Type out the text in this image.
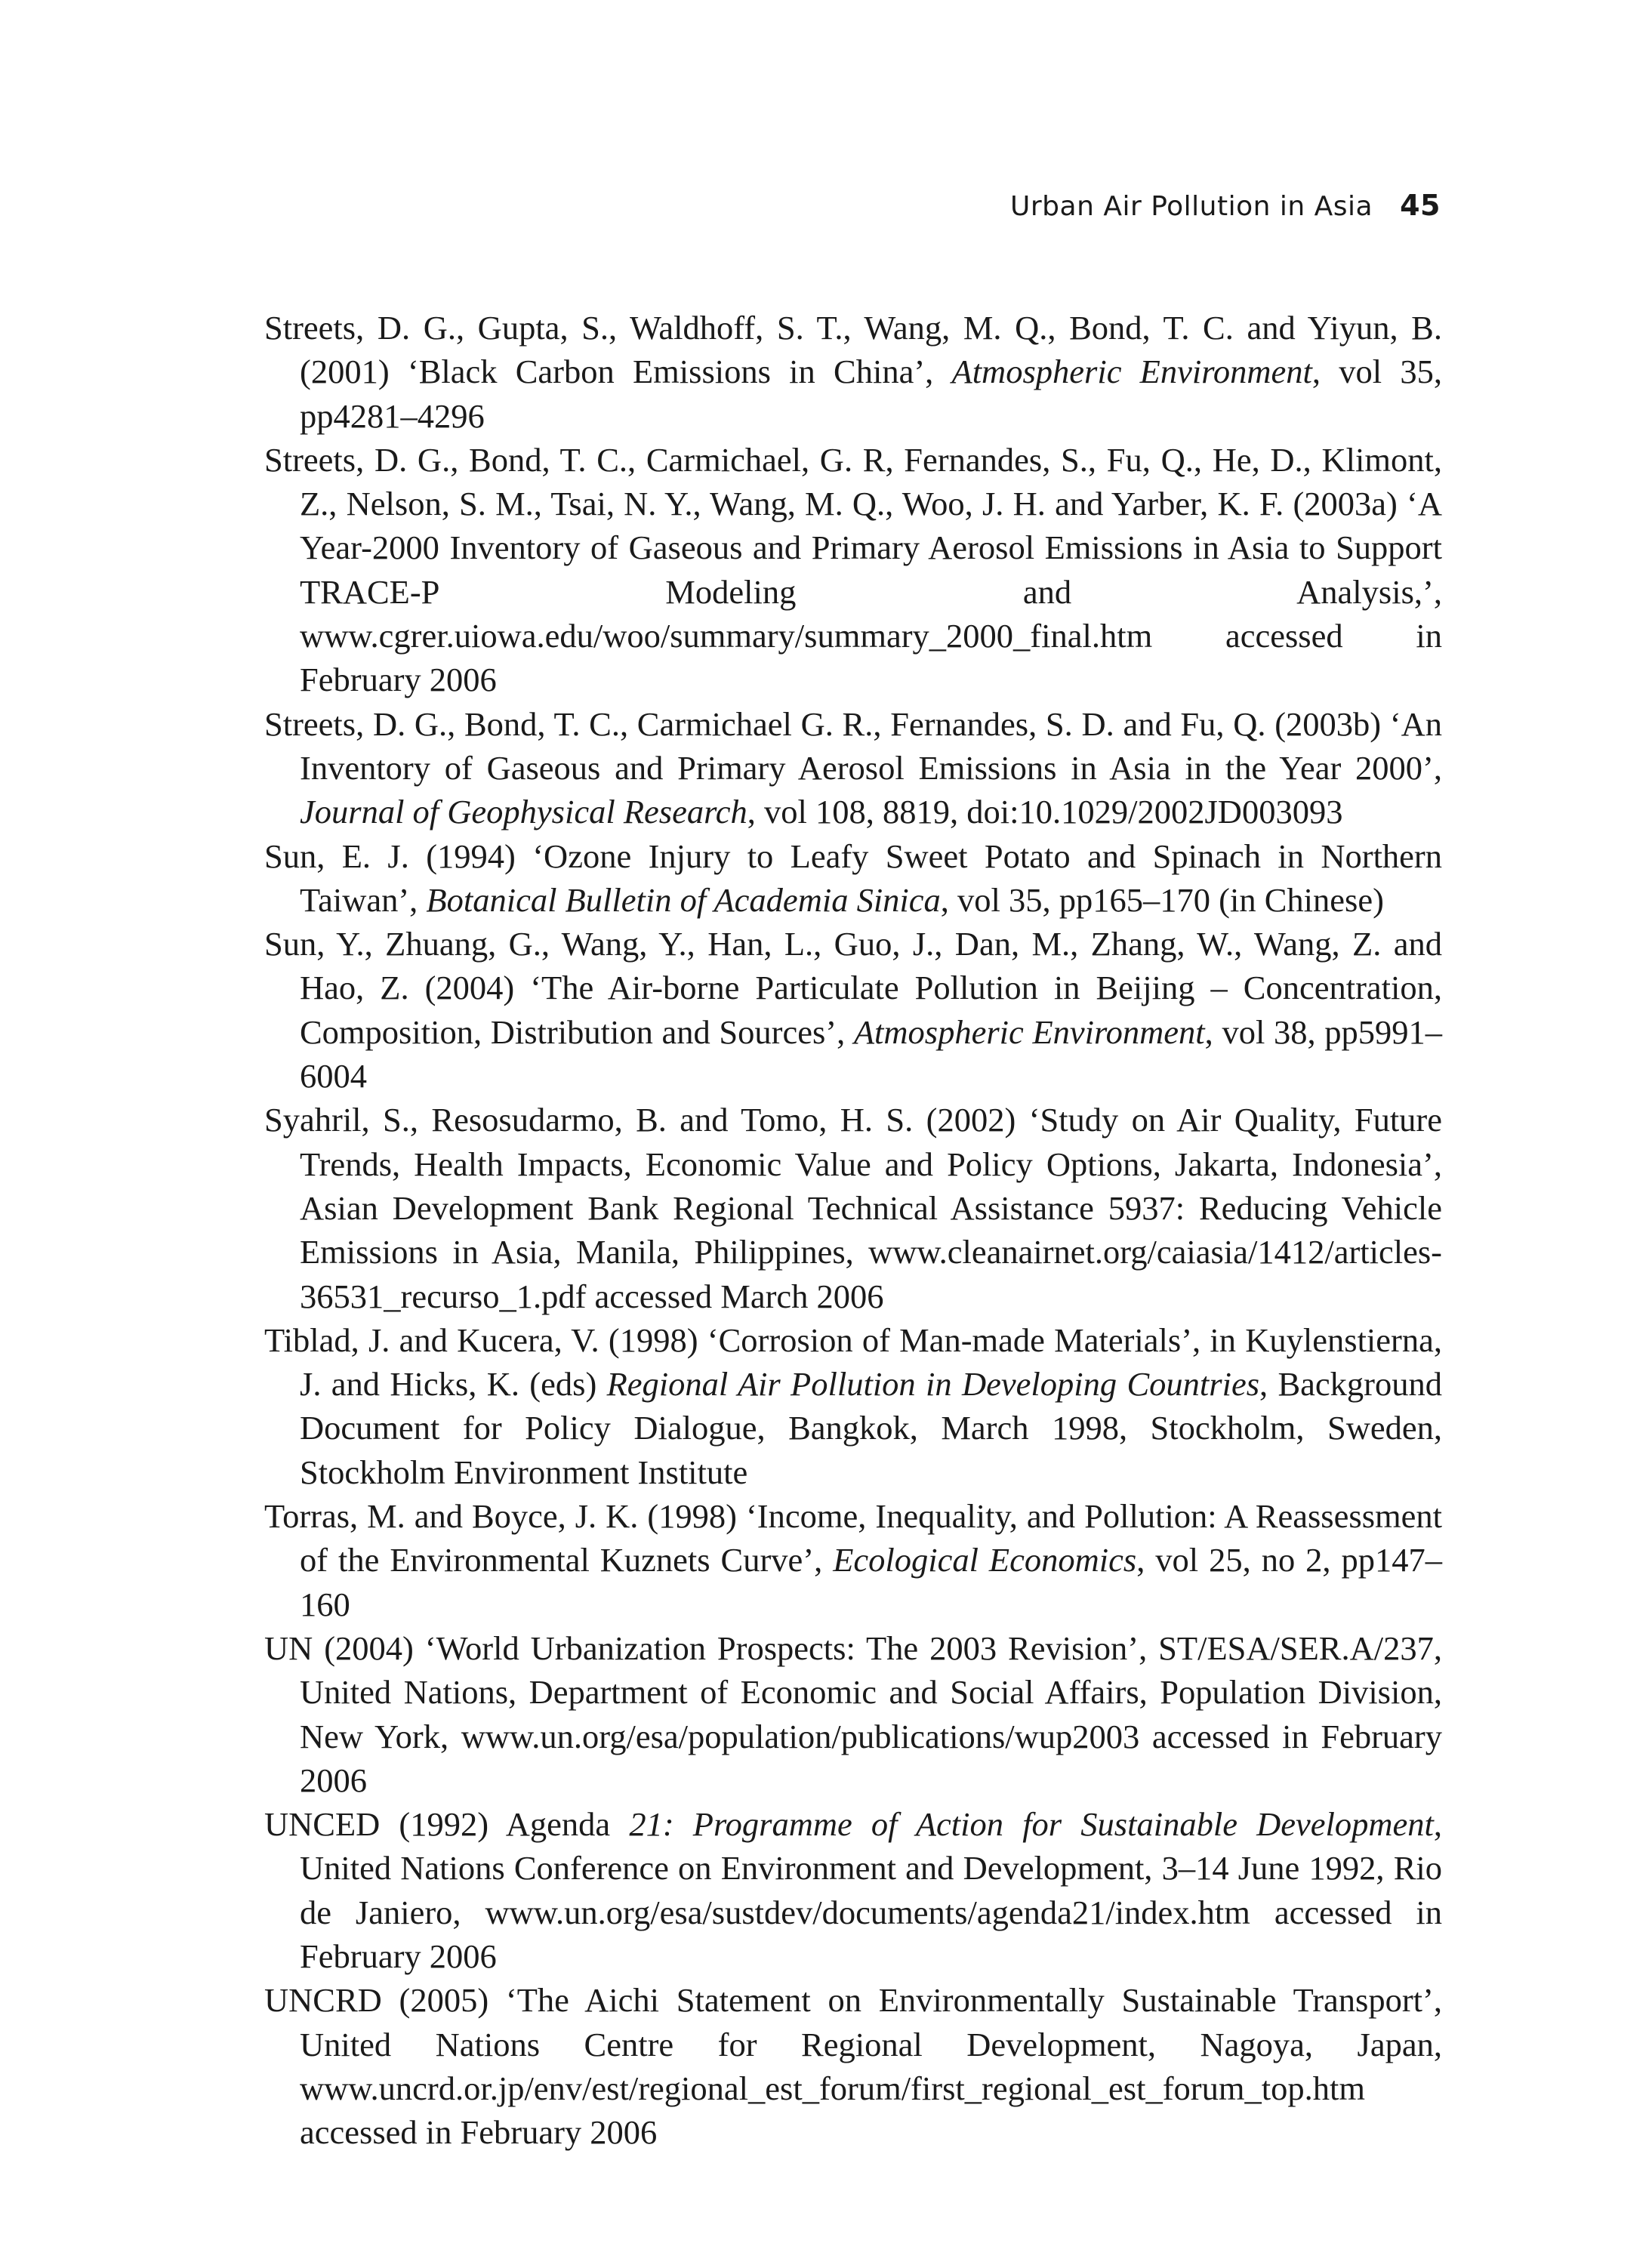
Urban Air Pollution in Asia 45

Streets, D. G., Gupta, S., Waldhoff, S. T., Wang, M. Q., Bond, T. C. and Yiyun, B. (2001) ‘Black Carbon Emissions in China’, Atmospheric Environment, vol 35, pp4281–4296

Streets, D. G., Bond, T. C., Carmichael, G. R, Fernandes, S., Fu, Q., He, D., Klimont, Z., Nelson, S. M., Tsai, N. Y., Wang, M. Q., Woo, J. H. and Yarber, K. F. (2003a) ‘A Year-2000 Inventory of Gaseous and Primary Aerosol Emissions in Asia to Support TRACE-P Modeling and Analysis,’, www.cgrer.uiowa.edu/woo/summary/summary_2000_final.htm accessed in February 2006

Streets, D. G., Bond, T. C., Carmichael G. R., Fernandes, S. D. and Fu, Q. (2003b) ‘An Inventory of Gaseous and Primary Aerosol Emissions in Asia in the Year 2000’, Journal of Geophysical Research, vol 108, 8819, doi:10.1029/2002JD003093

Sun, E. J. (1994) ‘Ozone Injury to Leafy Sweet Potato and Spinach in Northern Taiwan’, Botanical Bulletin of Academia Sinica, vol 35, pp165–170 (in Chinese)

Sun, Y., Zhuang, G., Wang, Y., Han, L., Guo, J., Dan, M., Zhang, W., Wang, Z. and Hao, Z. (2004) ‘The Air-borne Particulate Pollution in Beijing – Concentration, Composition, Distribution and Sources’, Atmospheric Environment, vol 38, pp5991–6004

Syahril, S., Resosudarmo, B. and Tomo, H. S. (2002) ‘Study on Air Quality, Future Trends, Health Impacts, Economic Value and Policy Options, Jakarta, Indonesia’, Asian Development Bank Regional Technical Assistance 5937: Reducing Vehicle Emissions in Asia, Manila, Philippines, www.cleanairnet.org/caiasia/1412/articles-36531_recurso_1.pdf accessed March 2006

Tiblad, J. and Kucera, V. (1998) ‘Corrosion of Man-made Materials’, in Kuylenstierna, J. and Hicks, K. (eds) Regional Air Pollution in Developing Countries, Background Document for Policy Dialogue, Bangkok, March 1998, Stockholm, Sweden, Stockholm Environment Institute

Torras, M. and Boyce, J. K. (1998) ‘Income, Inequality, and Pollution: A Reassessment of the Environmental Kuznets Curve’, Ecological Economics, vol 25, no 2, pp147–160

UN (2004) ‘World Urbanization Prospects: The 2003 Revision’, ST/ESA/SER.A/237, United Nations, Department of Economic and Social Affairs, Population Division, New York, www.un.org/esa/population/publications/wup2003 accessed in February 2006

UNCED (1992) Agenda 21: Programme of Action for Sustainable Development, United Nations Conference on Environment and Development, 3–14 June 1992, Rio de Janiero, www.un.org/esa/sustdev/documents/agenda21/index.htm accessed in February 2006

UNCRD (2005) ‘The Aichi Statement on Environmentally Sustainable Transport’, United Nations Centre for Regional Development, Nagoya, Japan, www.uncrd.or.jp/env/est/regional_est_forum/first_regional_est_forum_top.htm accessed in February 2006
